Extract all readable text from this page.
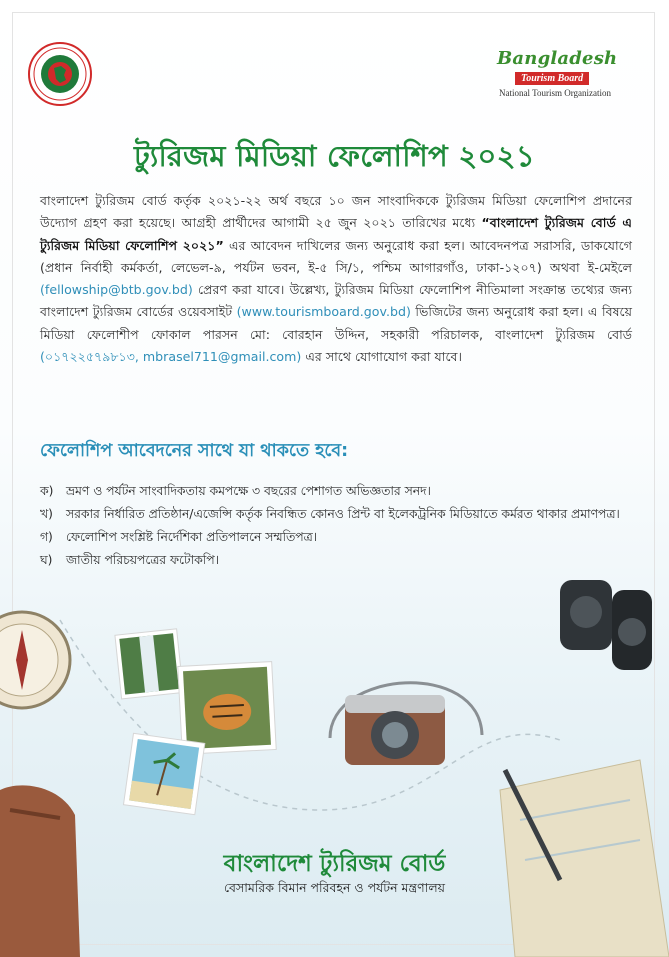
Bangladesh
Tourism Board
National Tourism Organization
ট্যুরিজম মিডিয়া ফেলোশিপ ২০২১

বাংলাদেশ ট্যুরিজম বোর্ড কর্তৃক ২০২১-২২ অর্থ বছরে ১০ জন সাংবাদিককে ট্যুরিজম মিডিয়া ফেলোশিপ প্রদানের উদ্যোগ গ্রহণ করা হয়েছে। আগ্রহী প্রার্থীদের আগামী ২৫ জুন ২০২১ তারিখের মধ্যে “বাংলাদেশ ট্যুরিজম বোর্ড এ ট্যুরিজম মিডিয়া ফেলোশিপ ২০২১” এর আবেদন দাখিলের জন্য অনুরোধ করা হল। আবেদনপত্র সরাসরি, ডাকযোগে (প্রধান নির্বাহী কর্মকর্তা, লেভেল-৯, পর্যটন ভবন, ই-৫ সি/১, পশ্চিম আগারগাঁও, ঢাকা-১২০৭) অথবা ই-মেইলে (fellowship@btb.gov.bd) প্রেরণ করা যাবে। উল্লেখ্য, ট্যুরিজম মিডিয়া ফেলোশিপ নীতিমালা সংক্রান্ত তথ্যের জন্য বাংলাদেশ ট্যুরিজম বোর্ডের ওয়েবসাইট (www.tourismboard.gov.bd) ভিজিটের জন্য অনুরোধ করা হল। এ বিষয়ে মিডিয়া ফেলোশীপ ফোকাল পারসন মো: বোরহান উদ্দিন, সহকারী পরিচালক, বাংলাদেশ ট্যুরিজম বোর্ড (০১৭২২৫৭৯৮১৩, mbrasel711@gmail.com) এর সাথে যোগাযোগ করা যাবে।

ফেলোশিপ আবেদনের সাথে যা থাকতে হবে:
ক)	ভ্রমণ ও পর্যটন সাংবাদিকতায় কমপক্ষে ৩ বছরের পেশাগত অভিজ্ঞতার সনদ।
খ)	সরকার নির্ধারিত প্রতিষ্ঠান/এজেন্সি কর্তৃক নিবন্ধিত কোনও প্রিন্ট বা ইলেকট্রনিক মিডিয়াতে কর্মরত থাকার প্রমাণপত্র।
গ)	ফেলোশিপ সংশ্লিষ্ট নির্দেশিকা প্রতিপালনে সম্মতিপত্র।
ঘ)	জাতীয় পরিচয়পত্রের ফটোকপি।
বাংলাদেশ ট্যুরিজম বোর্ড

বেসামরিক বিমান পরিবহন ও পর্যটন মন্ত্রণালয়
